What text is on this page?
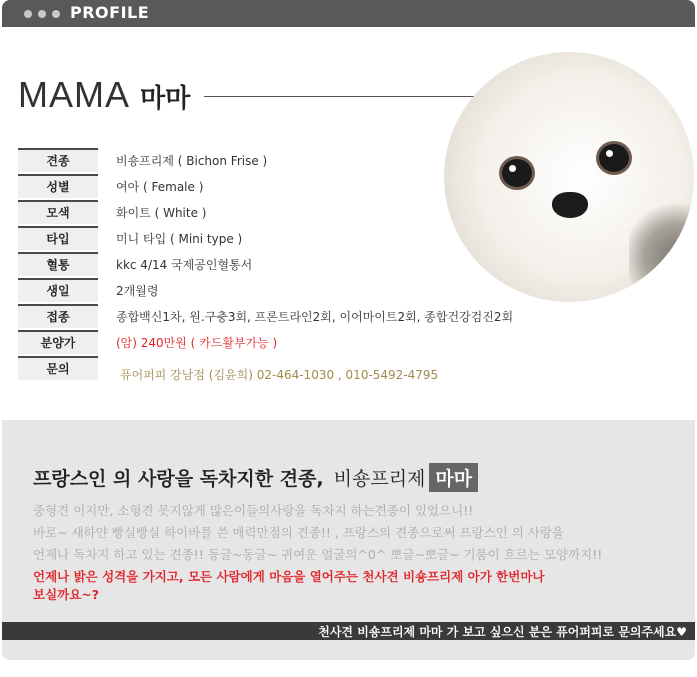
PROFILE
MAMA 마마
견종	비숑프리제 ( Bichon Frise )
성별	여아 ( Female )
모색	화이트 ( White )
타입	미니 타입 ( Mini type )
혈통	kkc 4/14 국제공인혈통서
생일	2개월령
접종	종합백신1차, 원.구충3회, 프론트라인2회, 이어마이트2회, 종합건강검진2회
분양가	(암) 240만원 ( 카드활부가능 )
문의	퓨어퍼피 강남점 (김윤희) 02-464-1030 , 010-5492-4795
프랑스인 의 사랑을 독차지한 견종, 비숑프리제 마마
중형견 이지만, 소형견 못지않게 많은이들의사랑을 독차지 하는견종이 있었으니!!
바로~ 새하얀 빵실빵실 하이바를 쓴 매력만점의 견종!! , 프랑스의 견종으로써 프랑스인 의 사랑을
언제나 독차지 하고 있는 견종!! 동글~동글~ 귀여운 얼굴의^0^ 뽀글~뽀글~ 기품이 흐르는 모양까지!!
언제나 밝은 성격을 가지고, 모든 사람에게 마음을 열어주는 천사견 비숑프리제 아가 한번마나
보실까요~?
천사견 비숑프리제 마마 가 보고 싶으신 분은 퓨어퍼피로 문의주세요♥
